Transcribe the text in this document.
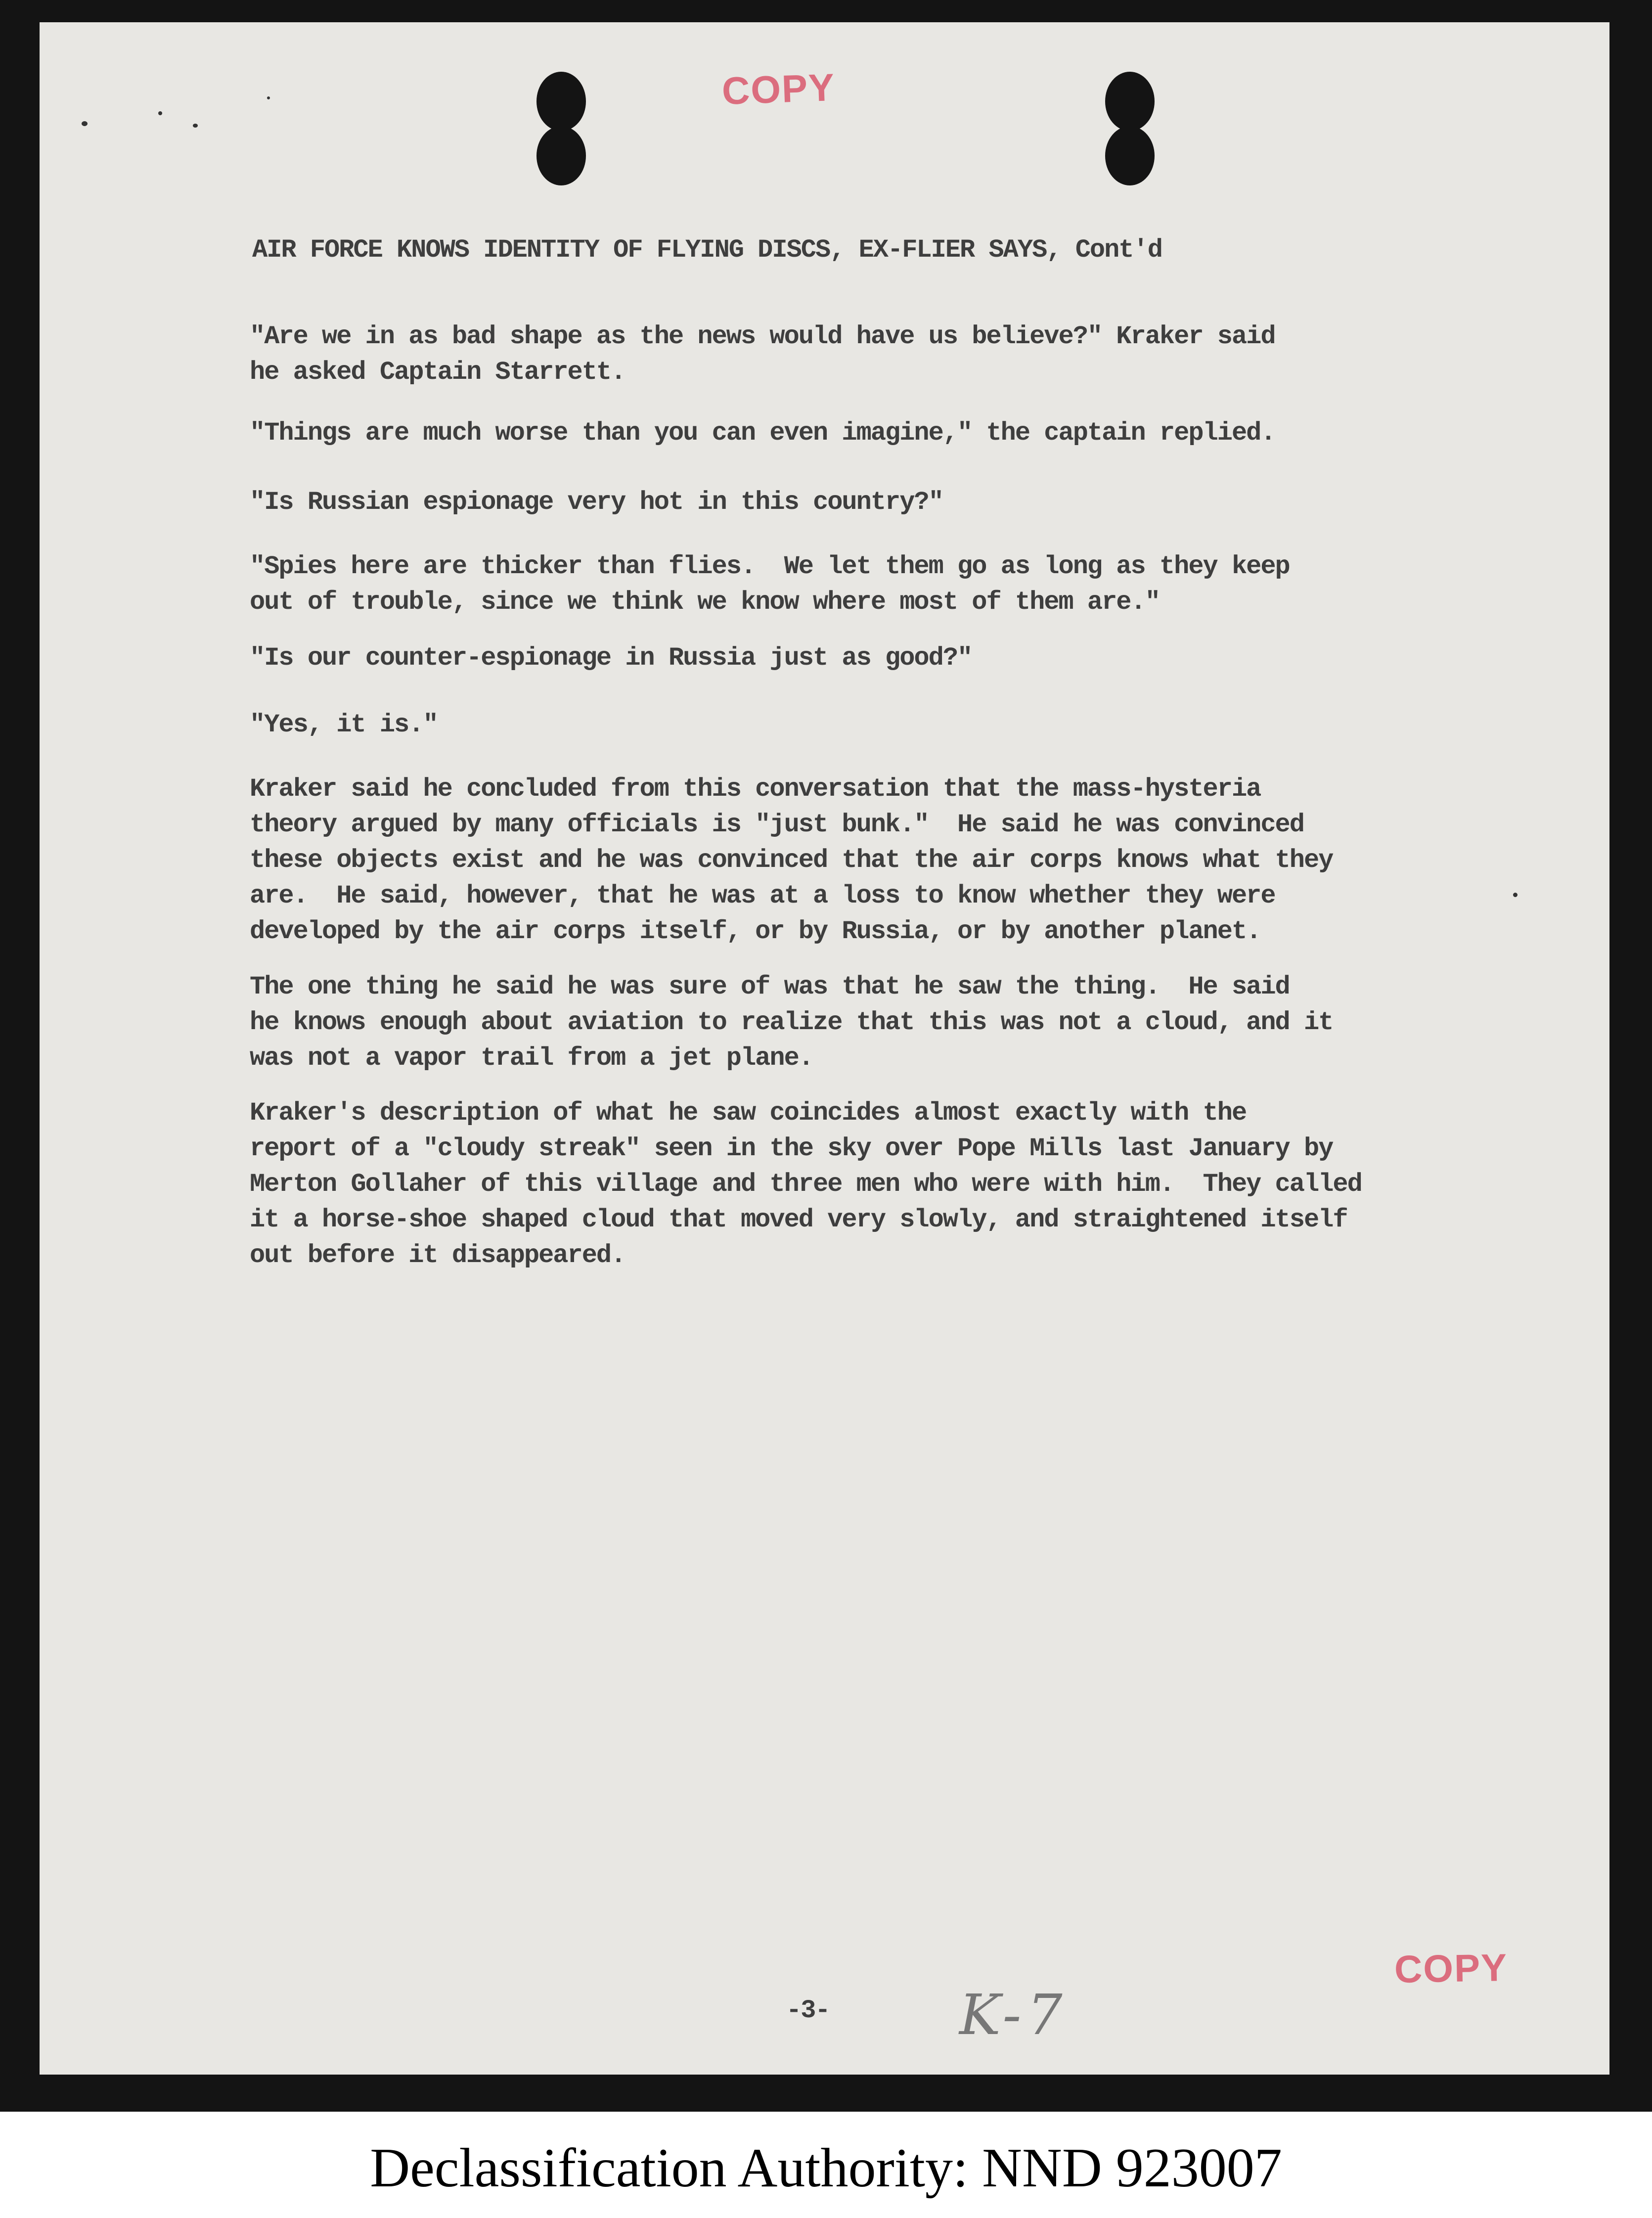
COPY
AIR FORCE KNOWS IDENTITY OF FLYING DISCS, EX-FLIER SAYS, Cont'd
"Are we in as bad shape as the news would have us believe?" Kraker said
he asked Captain Starrett.
"Things are much worse than you can even imagine," the captain replied.
"Is Russian espionage very hot in this country?"
"Spies here are thicker than flies.  We let them go as long as they keep
out of trouble, since we think we know where most of them are."
"Is our counter-espionage in Russia just as good?"
"Yes, it is."
Kraker said he concluded from this conversation that the mass-hysteria
theory argued by many officials is "just bunk."  He said he was convinced
these objects exist and he was convinced that the air corps knows what they
are.  He said, however, that he was at a loss to know whether they were
developed by the air corps itself, or by Russia, or by another planet.
The one thing he said he was sure of was that he saw the thing.  He said
he knows enough about aviation to realize that this was not a cloud, and it
was not a vapor trail from a jet plane.
Kraker's description of what he saw coincides almost exactly with the
report of a "cloudy streak" seen in the sky over Pope Mills last January by
Merton Gollaher of this village and three men who were with him.  They called
it a horse-shoe shaped cloud that moved very slowly, and straightened itself
out before it disappeared.
-3- K-7
COPY
Declassification Authority: NND 923007
